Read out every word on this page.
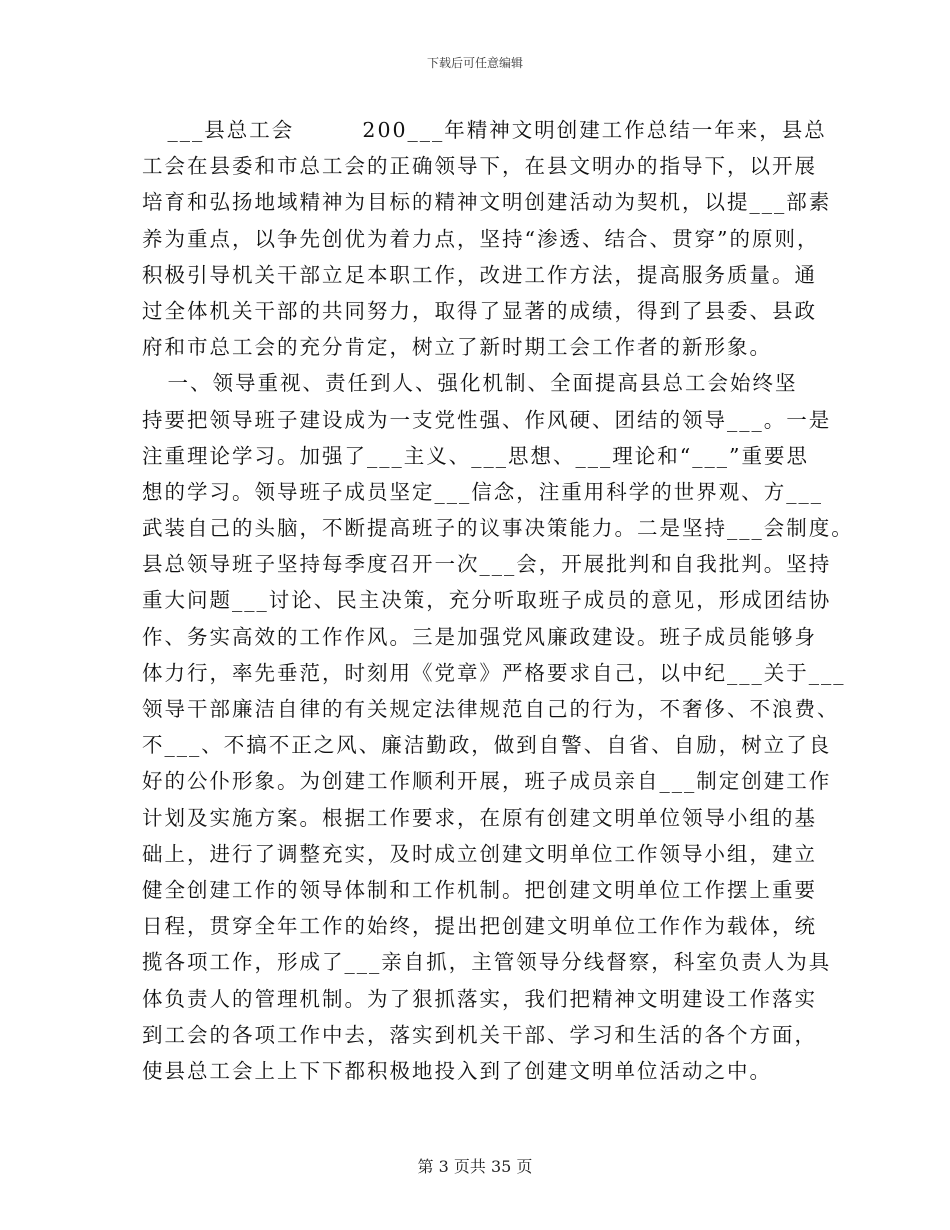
下载后可任意编辑
___县总工会        200___年精神文明创建工作总结一年来，县总
工会在县委和市总工会的正确领导下，在县文明办的指导下，以开展
培育和弘扬地域精神为目标的精神文明创建活动为契机，以提___部素
养为重点，以争先创优为着力点，坚持“渗透、结合、贯穿”的原则，
积极引导机关干部立足本职工作，改进工作方法，提高服务质量。通
过全体机关干部的共同努力，取得了显著的成绩，得到了县委、县政
府和市总工会的充分肯定，树立了新时期工会工作者的新形象。
一、领导重视、责任到人、强化机制、全面提高县总工会始终坚
持要把领导班子建设成为一支党性强、作风硬、团结的领导___。一是
注重理论学习。加强了___主义、___思想、___理论和“___”重要思
想的学习。领导班子成员坚定___信念，注重用科学的世界观、方___
武装自己的头脑，不断提高班子的议事决策能力。二是坚持___会制度。
县总领导班子坚持每季度召开一次___会，开展批判和自我批判。坚持
重大问题___讨论、民主决策，充分听取班子成员的意见，形成团结协
作、务实高效的工作作风。三是加强党风廉政建设。班子成员能够身
体力行，率先垂范，时刻用《党章》严格要求自己，以中纪___关于___
领导干部廉洁自律的有关规定法律规范自己的行为，不奢侈、不浪费、
不___、不搞不正之风、廉洁勤政，做到自警、自省、自励，树立了良
好的公仆形象。为创建工作顺利开展，班子成员亲自___制定创建工作
计划及实施方案。根据工作要求，在原有创建文明单位领导小组的基
础上，进行了调整充实，及时成立创建文明单位工作领导小组，建立
健全创建工作的领导体制和工作机制。把创建文明单位工作摆上重要
日程，贯穿全年工作的始终，提出把创建文明单位工作作为载体，统
揽各项工作，形成了___亲自抓，主管领导分线督察，科室负责人为具
体负责人的管理机制。为了狠抓落实，我们把精神文明建设工作落实
到工会的各项工作中去，落实到机关干部、学习和生活的各个方面，
使县总工会上上下下都积极地投入到了创建文明单位活动之中。
第 3 页共 35 页
